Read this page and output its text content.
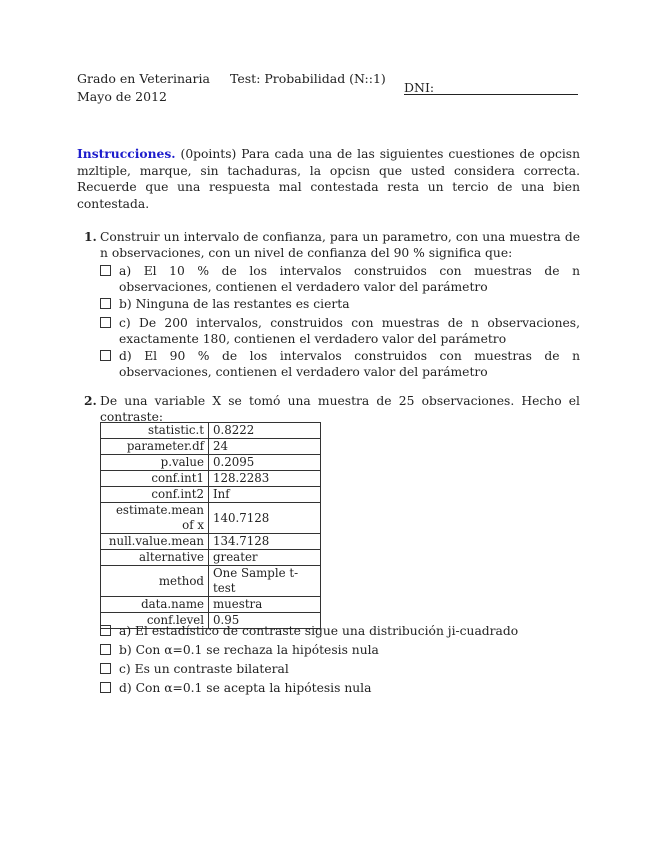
Grado en Veterinaria
Mayo de 2012
Test: Probabilidad (N::1)
DNI:
Instrucciones. (0points) Para cada una de las siguientes cuestiones de opcisn mzltiple, marque, sin tachaduras, la opcisn que usted considera correcta. Recuerde que una respuesta mal contestada resta un tercio de una bien contestada.
1. Construir un intervalo de confianza, para un parametro, con una muestra de n observaciones, con un nivel de confianza del 90 % significa que:
a) El 10 % de los intervalos construidos con muestras de n observaciones, contienen el verdadero valor del parámetro
b) Ninguna de las restantes es cierta
c) De 200 intervalos, construidos con muestras de n observaciones, exactamente 180, contienen el verdadero valor del parámetro
d) El 90 % de los intervalos construidos con muestras de n observaciones, contienen el verdadero valor del parámetro
2. De una variable X se tomó una muestra de 25 observaciones. Hecho el contraste:
statistic.t	0.8222
parameter.df	24
p.value	0.2095
conf.int1	128.2283
conf.int2	Inf
estimate.mean of x	140.7128
null.value.mean	134.7128
alternative	greater
method	One Sample t-test
data.name	muestra
conf.level	0.95
a) El estadístico de contraste sigue una distribución ji-cuadrado
b) Con α=0.1 se rechaza la hipótesis nula
c) Es un contraste bilateral
d) Con α=0.1 se acepta la hipótesis nula
